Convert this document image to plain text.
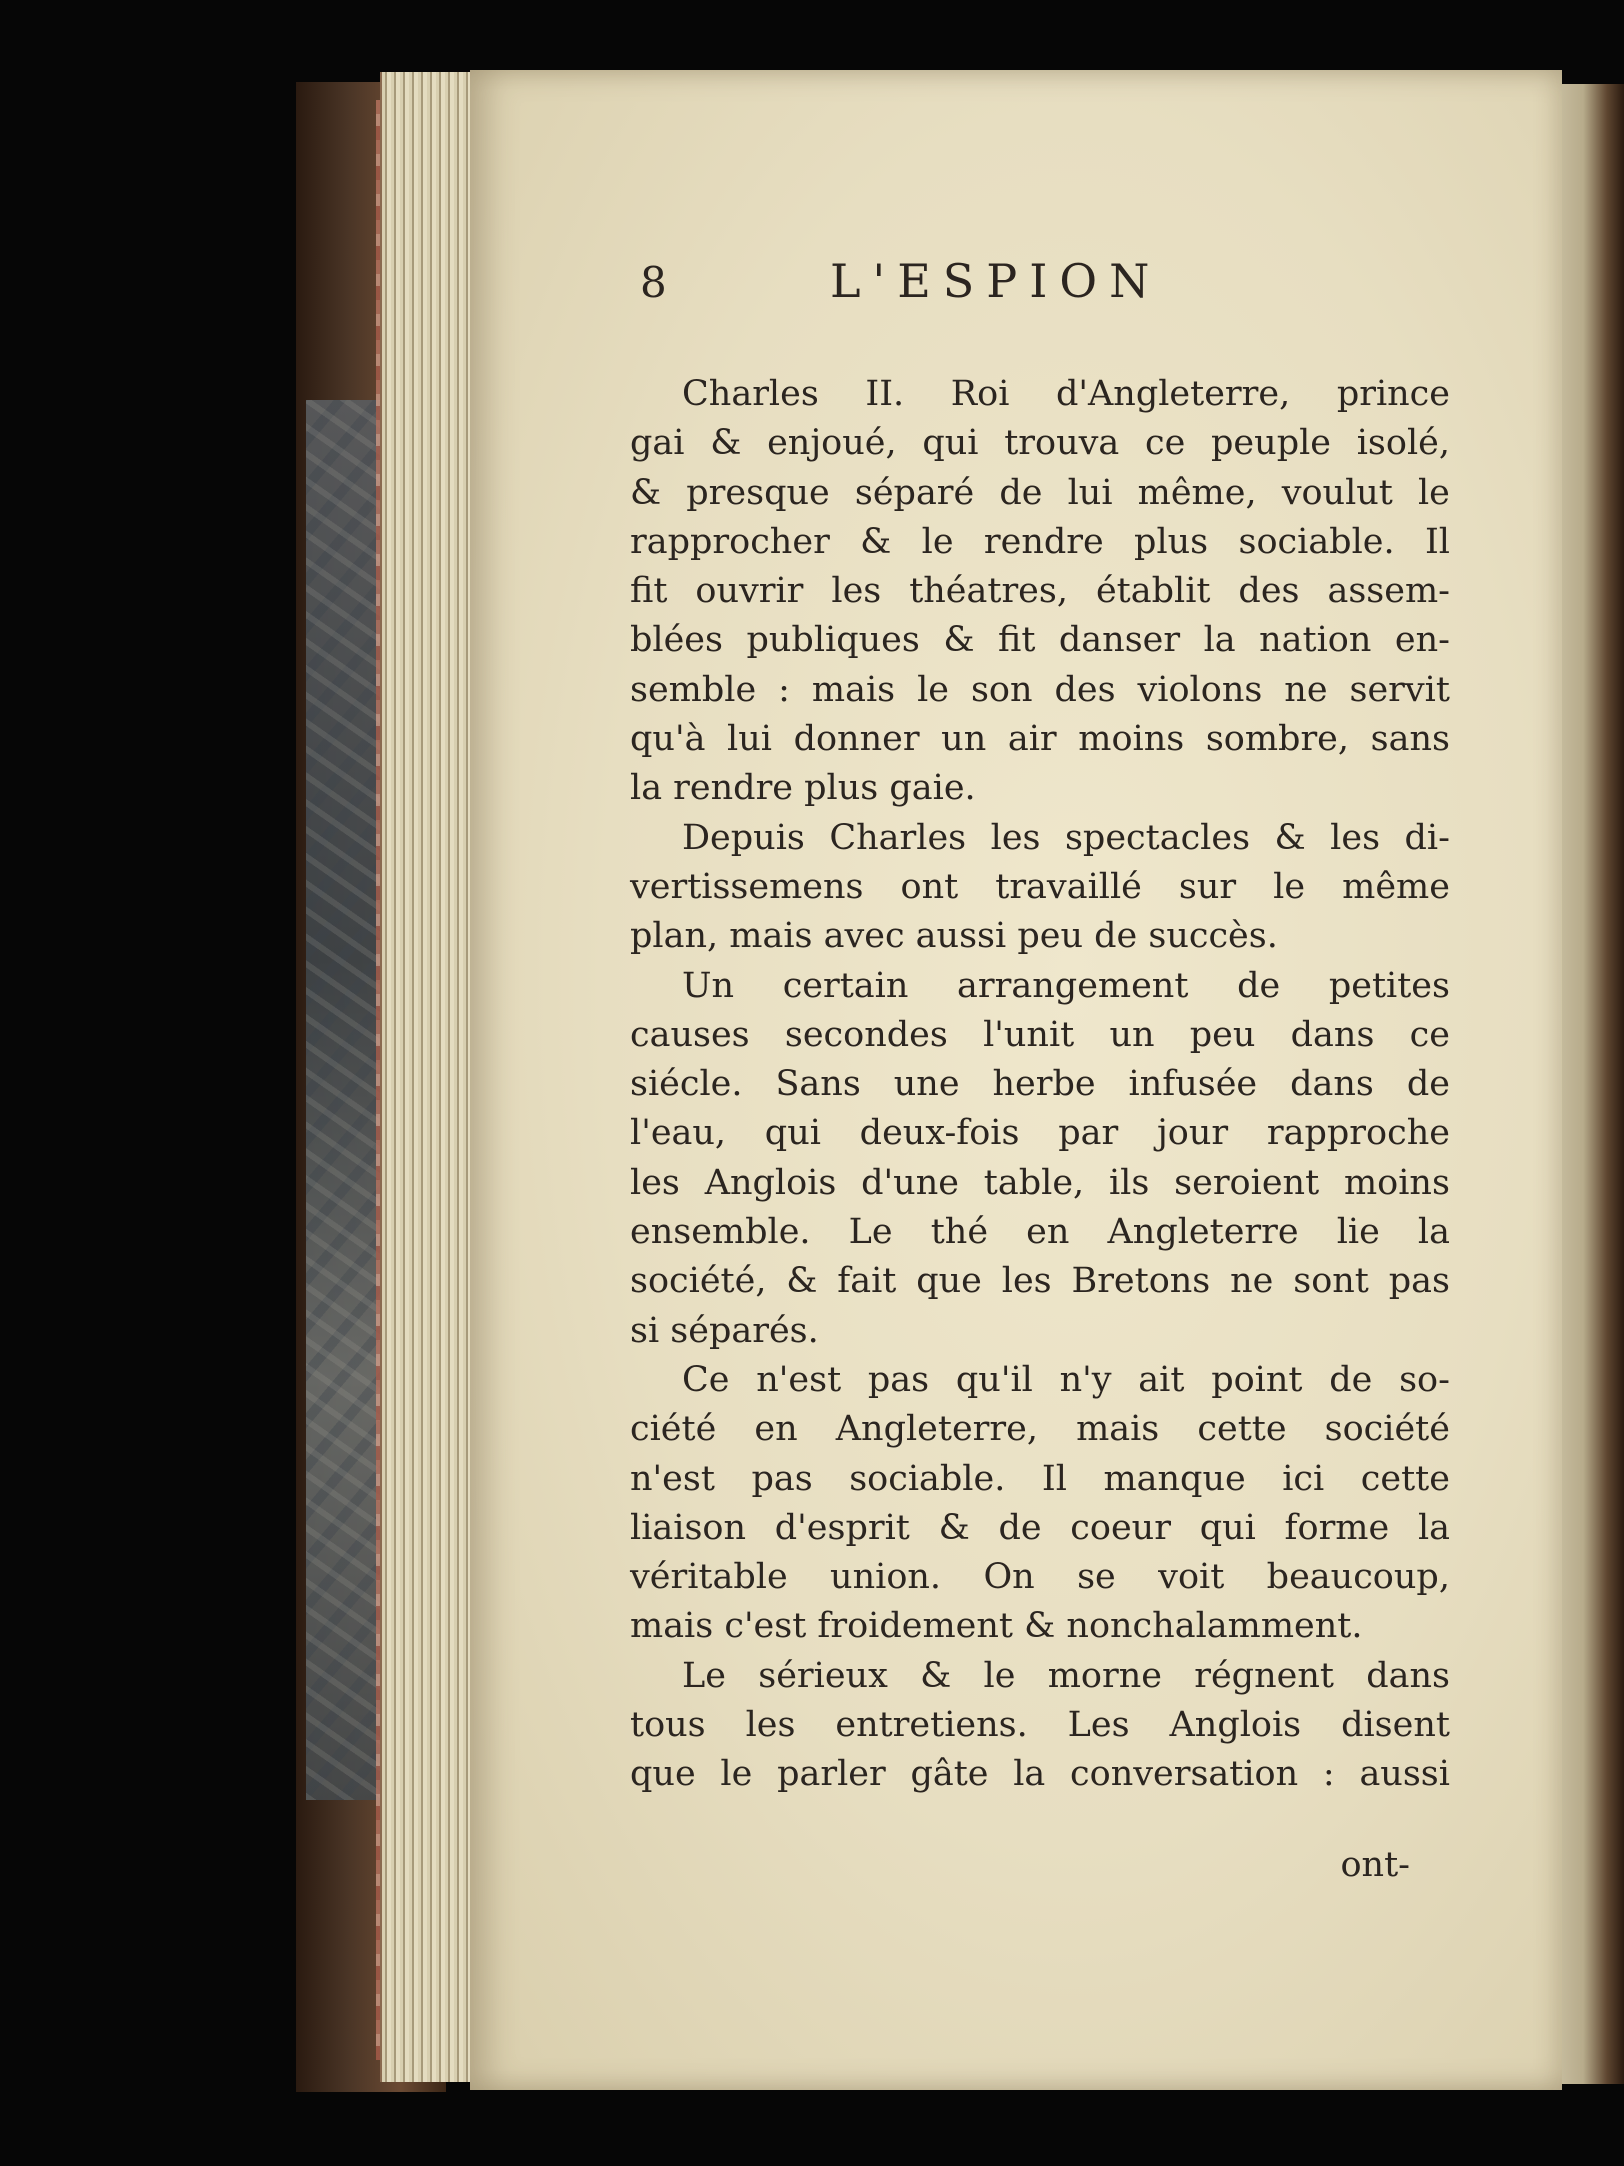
8	L'ESPION
Charles II. Roi d'Angleterre, prince
gai & enjoué, qui trouva ce peuple isolé,
& presque séparé de lui même, voulut le
rapprocher & le rendre plus sociable. Il
fit ouvrir les théatres, établit des assem-
blées publiques & fit danser la nation en-
semble : mais le son des violons ne servit
qu'à lui donner un air moins sombre, sans
la rendre plus gaie.
Depuis Charles les spectacles & les di-
vertissemens ont travaillé sur le même
plan, mais avec aussi peu de succès.
Un certain arrangement de petites
causes secondes l'unit un peu dans ce
siécle. Sans une herbe infusée dans de
l'eau, qui deux-fois par jour rapproche
les Anglois d'une table, ils seroient moins
ensemble. Le thé en Angleterre lie la
société, & fait que les Bretons ne sont pas
si séparés.
Ce n'est pas qu'il n'y ait point de so-
ciété en Angleterre, mais cette société
n'est pas sociable. Il manque ici cette
liaison d'esprit & de coeur qui forme la
véritable union. On se voit beaucoup,
mais c'est froidement & nonchalamment.
Le sérieux & le morne régnent dans
tous les entretiens. Les Anglois disent
que le parler gâte la conversation : aussi
ont-
